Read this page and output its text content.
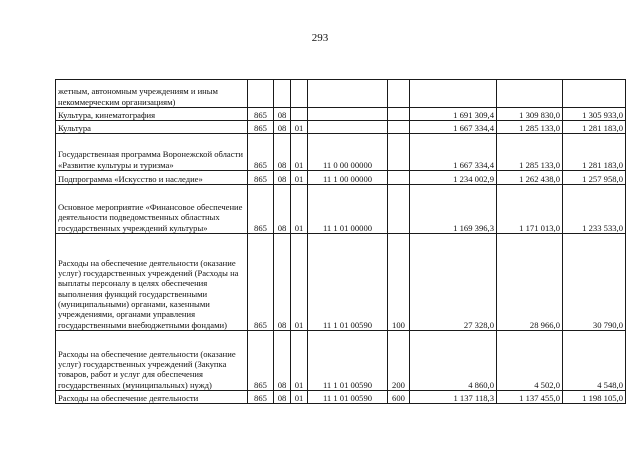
293
жетным, автономным учреждениям и иным некоммерческим организациям)								
Культура, кинематография	865	08				1 691 309,4	1 309 830,0	1 305 933,0
Культура	865	08	01			1 667 334,4	1 285 133,0	1 281 183,0
Государственная программа Воронежской области «Развитие культуры и туризма»	865	08	01	11 0 00 00000		1 667 334,4	1 285 133,0	1 281 183,0
Подпрограмма «Искусство и наследие»	865	08	01	11 1 00 00000		1 234 002,9	1 262 438,0	1 257 958,0
Основное мероприятие «Финансовое обеспечение деятельности подведомственных областных государственных учреждений культуры»	865	08	01	11 1 01 00000		1 169 396,3	1 171 013,0	1 233 533,0
Расходы на обеспечение деятельности (оказание услуг) государственных учреждений (Расходы на выплаты персоналу в целях обеспечения выполнения функций государственными (муниципальными) органами, казенными учреждениями, органами управления государственными внебюджетными фондами)	865	08	01	11 1 01 00590	100	27 328,0	28 966,0	30 790,0
Расходы на обеспечение деятельности (оказание услуг) государственных учреждений (Закупка товаров, работ и услуг для обеспечения государственных (муниципальных) нужд)	865	08	01	11 1 01 00590	200	4 860,0	4 502,0	4 548,0
Расходы на обеспечение деятельности	865	08	01	11 1 01 00590	600	1 137 118,3	1 137 455,0	1 198 105,0
